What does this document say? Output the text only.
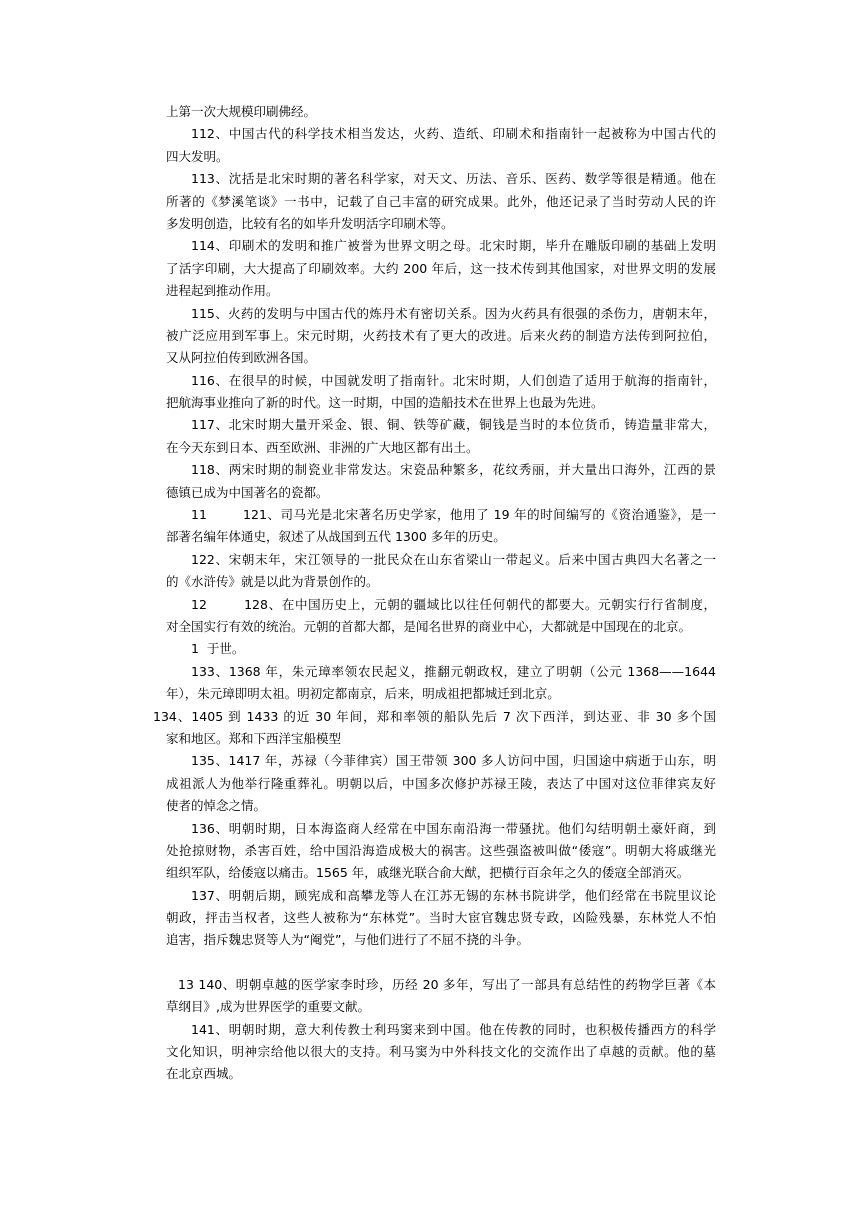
上第一次大规模印刷佛经。
112、中国古代的科学技术相当发达，火药、造纸、印刷术和指南针一起被称为中国古代的
四大发明。
113、沈括是北宋时期的著名科学家，对天文、历法、音乐、医药、数学等很是精通。他在
所著的《梦溪笔谈》一书中，记载了自己丰富的研究成果。此外，他还记录了当时劳动人民的许
多发明创造，比较有名的如毕升发明活字印刷术等。
114、印刷术的发明和推广被誉为世界文明之母。北宋时期，毕升在雕版印刷的基础上发明
了活字印刷，大大提高了印刷效率。大约 200 年后，这一技术传到其他国家，对世界文明的发展
进程起到推动作用。
115、火药的发明与中国古代的炼丹术有密切关系。因为火药具有很强的杀伤力，唐朝末年，
被广泛应用到军事上。宋元时期，火药技术有了更大的改进。后来火药的制造方法传到阿拉伯，
又从阿拉伯传到欧洲各国。
116、在很早的时候，中国就发明了指南针。北宋时期，人们创造了适用于航海的指南针，
把航海事业推向了新的时代。这一时期，中国的造船技术在世界上也最为先进。
117、北宋时期大量开采金、银、铜、铁等矿藏，铜钱是当时的本位货币，铸造量非常大，
在今天东到日本、西至欧洲、非洲的广大地区都有出土。
118、两宋时期的制瓷业非常发达。宋瓷品种繁多，花纹秀丽，并大量出口海外，江西的景
德镇已成为中国著名的瓷都。
11        121、司马光是北宋著名历史学家，他用了 19 年的时间编写的《资治通鉴》，是一
部著名编年体通史，叙述了从战国到五代 1300 多年的历史。
122、宋朝末年，宋江领导的一批民众在山东省梁山一带起义。后来中国古典四大名著之一
的《水浒传》就是以此为背景创作的。
12        128、在中国历史上，元朝的疆域比以往任何朝代的都要大。元朝实行行省制度，
对全国实行有效的统治。元朝的首都大都，是闻名世界的商业中心，大都就是中国现在的北京。
1  于世。
133、1368 年，朱元璋率领农民起义，推翻元朝政权，建立了明朝（公元 1368——1644
年），朱元璋即明太祖。明初定都南京，后来，明成祖把都城迁到北京。
134、1405 到 1433 的近 30 年间，郑和率领的船队先后 7 次下西洋，到达亚、非 30 多个国
家和地区。郑和下西洋宝船模型
135、1417 年，苏禄（今菲律宾）国王带领 300 多人访问中国，归国途中病逝于山东，明
成祖派人为他举行隆重葬礼。明朝以后，中国多次修护苏禄王陵，表达了中国对这位菲律宾友好
使者的悼念之情。
136、明朝时期，日本海盗商人经常在中国东南沿海一带骚扰。他们勾结明朝土豪奸商，到
处抢掠财物，杀害百姓，给中国沿海造成极大的祸害。这些强盗被叫做“倭寇”。明朝大将戚继光
组织军队，给倭寇以痛击。1565 年，戚继光联合俞大猷，把横行百余年之久的倭寇全部消灭。
137、明朝后期，顾宪成和高攀龙等人在江苏无锡的东林书院讲学，他们经常在书院里议论
朝政，抨击当权者，这些人被称为“东林党”。当时大宦官魏忠贤专政，凶险残暴，东林党人不怕
追害，指斥魏忠贤等人为“阉党”，与他们进行了不屈不挠的斗争。
13 140、明朝卓越的医学家李时珍，历经 20 多年，写出了一部具有总结性的药物学巨著《本
草纲目》,成为世界医学的重要文献。
141、明朝时期，意大利传教士利玛窦来到中国。他在传教的同时，也积极传播西方的科学
文化知识，明神宗给他以很大的支持。利马窦为中外科技文化的交流作出了卓越的贡献。他的墓
在北京西城。
